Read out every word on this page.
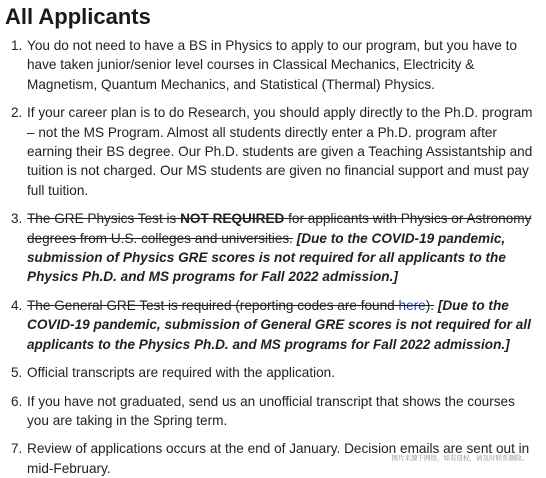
All Applicants
1. You do not need to have a BS in Physics to apply to our program, but you have to have taken junior/senior level courses in Classical Mechanics, Electricity & Magnetism, Quantum Mechanics, and Statistical (Thermal) Physics.
2. If your career plan is to do Research, you should apply directly to the Ph.D. program – not the MS Program. Almost all students directly enter a Ph.D. program after earning their BS degree. Our Ph.D. students are given a Teaching Assistantship and tuition is not charged. Our MS students are given no financial support and must pay full tuition.
3. The GRE Physics Test is NOT REQUIRED for applicants with Physics or Astronomy degrees from U.S. colleges and universities. [Due to the COVID-19 pandemic, submission of Physics GRE scores is not required for all applicants to the Physics Ph.D. and MS programs for Fall 2022 admission.]
4. The General GRE Test is required (reporting codes are found here). [Due to the COVID-19 pandemic, submission of General GRE scores is not required for all applicants to the Physics Ph.D. and MS programs for Fall 2022 admission.]
5. Official transcripts are required with the application.
6. If you have not graduated, send us an unofficial transcript that shows the courses you are taking in the Spring term.
7. Review of applications occurs at the end of January. Decision emails are sent out in mid-February.
图片来源于网络，如有侵权，请及时联系删除。
